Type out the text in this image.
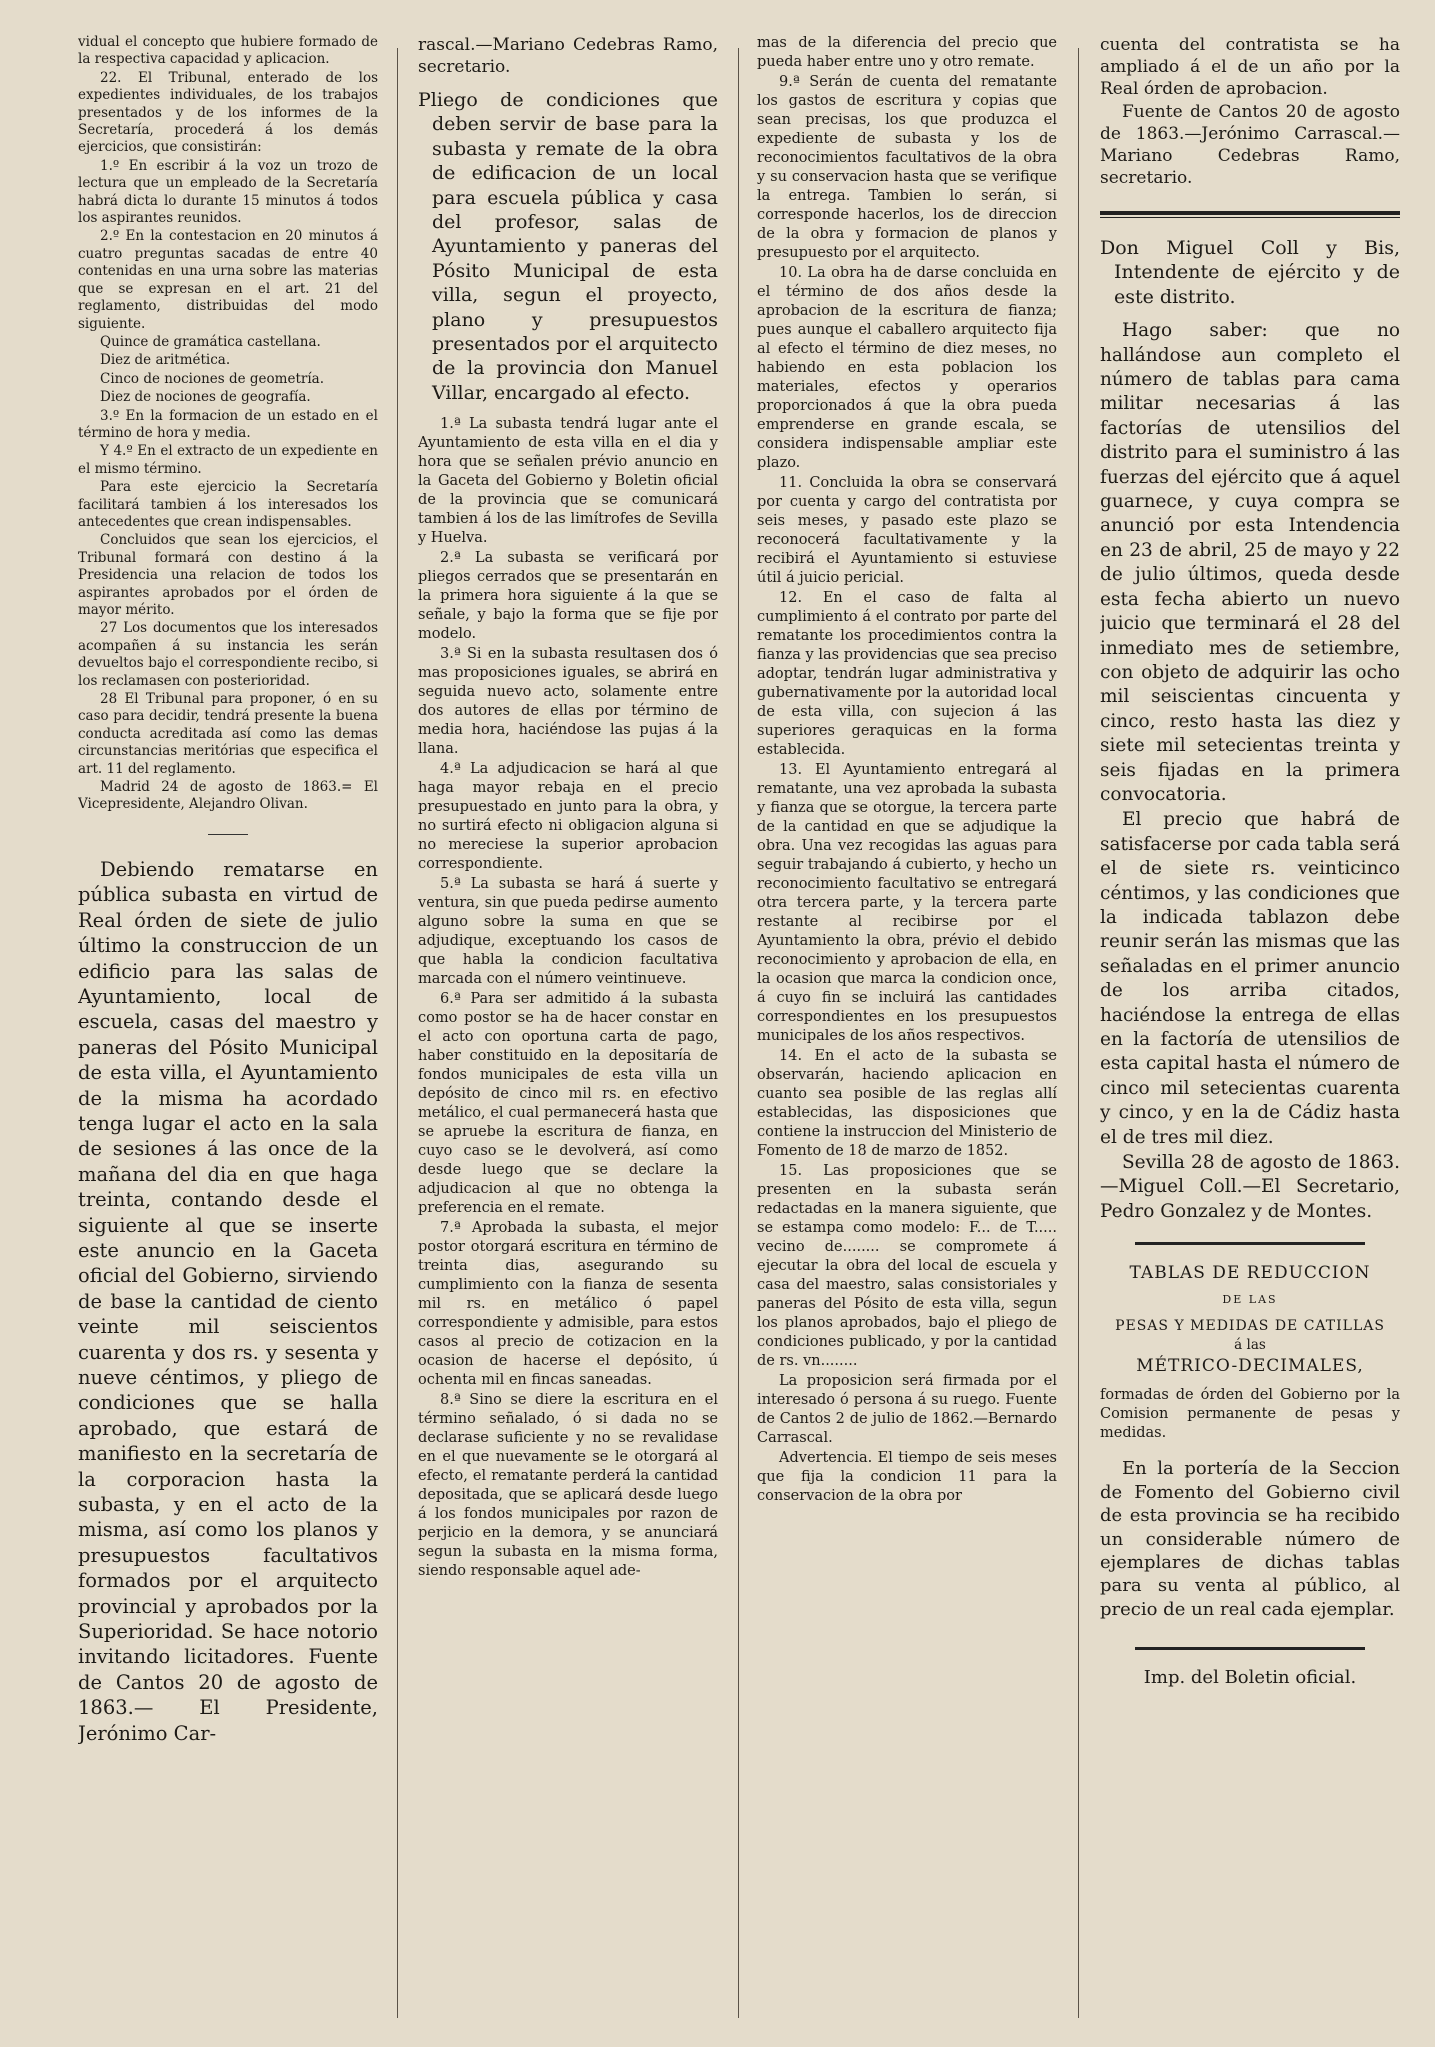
vidual el concepto que hubiere formado de la respectiva capacidad y aplicacion.

22. El Tribunal, enterado de los expedientes individuales, de los trabajos presentados y de los informes de la Secretaría, procederá á los demás ejercicios, que consistirán:

1.º En escribir á la voz un trozo de lectura que un empleado de la Secretaría habrá dicta lo durante 15 minutos á todos los aspirantes reunidos.

2.º En la contestacion en 20 minutos á cuatro preguntas sacadas de entre 40 contenidas en una urna sobre las materias que se expresan en el art. 21 del reglamento, distribuidas del modo siguiente.

Quince de gramática castellana.

Diez de aritmética.

Cinco de nociones de geometría.

Diez de nociones de geografía.

3.º En la formacion de un estado en el término de hora y media.

Y 4.º En el extracto de un expediente en el mismo término.

Para este ejercicio la Secretaría facilitará tambien á los interesados los antecedentes que crean indispensables.

Concluidos que sean los ejercicios, el Tribunal formará con destino á la Presidencia una relacion de todos los aspirantes aprobados por el órden de mayor mérito.

27 Los documentos que los interesados acompañen á su instancia les serán devueltos bajo el correspondiente recibo, si los reclamasen con posterioridad.

28 El Tribunal para proponer, ó en su caso para decidir, tendrá presente la buena conducta acreditada así como las demas circunstancias meritórias que especifica el art. 11 del reglamento.

Madrid 24 de agosto de 1863.= El Vicepresidente, Alejandro Olivan.

Debiendo rematarse en pública subasta en virtud de Real órden de siete de julio último la construccion de un edificio para las salas de Ayuntamiento, local de escuela, casas del maestro y paneras del Pósito Municipal de esta villa, el Ayuntamiento de la misma ha acordado tenga lugar el acto en la sala de sesiones á las once de la mañana del dia en que haga treinta, contando desde el siguiente al que se inserte este anuncio en la Gaceta oficial del Gobierno, sirviendo de base la cantidad de ciento veinte mil seiscientos cuarenta y dos rs. y sesenta y nueve céntimos, y pliego de condiciones que se halla aprobado, que estará de manifiesto en la secretaría de la corporacion hasta la subasta, y en el acto de la misma, así como los planos y presupuestos facultativos formados por el arquitecto provincial y aprobados por la Superioridad. Se hace notorio invitando licitadores. Fuente de Cantos 20 de agosto de 1863.— El Presidente, Jerónimo Car-

rascal.—Mariano Cedebras Ramo, secretario.

Pliego de condiciones que deben servir de base para la subasta y remate de la obra de edificacion de un local para escuela pública y casa del profesor, salas de Ayuntamiento y paneras del Pósito Municipal de esta villa, segun el proyecto, plano y presupuestos presentados por el arquitecto de la provincia don Manuel Villar, encargado al efecto.

1.ª La subasta tendrá lugar ante el Ayuntamiento de esta villa en el dia y hora que se señalen prévio anuncio en la Gaceta del Gobierno y Boletin oficial de la provincia que se comunicará tambien á los de las limítrofes de Sevilla y Huelva.

2.ª La subasta se verificará por pliegos cerrados que se presentarán en la primera hora siguiente á la que se señale, y bajo la forma que se fije por modelo.

3.ª Si en la subasta resultasen dos ó mas proposiciones iguales, se abrirá en seguida nuevo acto, solamente entre dos autores de ellas por término de media hora, haciéndose las pujas á la llana.

4.ª La adjudicacion se hará al que haga mayor rebaja en el precio presupuestado en junto para la obra, y no surtirá efecto ni obligacion alguna si no mereciese la superior aprobacion correspondiente.

5.ª La subasta se hará á suerte y ventura, sin que pueda pedirse aumento alguno sobre la suma en que se adjudique, exceptuando los casos de que habla la condicion facultativa marcada con el número veintinueve.

6.ª Para ser admitido á la subasta como postor se ha de hacer constar en el acto con oportuna carta de pago, haber constituido en la depositaría de fondos municipales de esta villa un depósito de cinco mil rs. en efectivo metálico, el cual permanecerá hasta que se apruebe la escritura de fianza, en cuyo caso se le devolverá, así como desde luego que se declare la adjudicacion al que no obtenga la preferencia en el remate.

7.ª Aprobada la subasta, el mejor postor otorgará escritura en término de treinta dias, asegurando su cumplimiento con la fianza de sesenta mil rs. en metálico ó papel correspondiente y admisible, para estos casos al precio de cotizacion en la ocasion de hacerse el depósito, ú ochenta mil en fincas saneadas.

8.ª Sino se diere la escritura en el término señalado, ó si dada no se declarase suficiente y no se revalidase en el que nuevamente se le otorgará al efecto, el rematante perderá la cantidad depositada, que se aplicará desde luego á los fondos municipales por razon de perjicio en la demora, y se anunciará segun la subasta en la misma forma, siendo responsable aquel ade-

mas de la diferencia del precio que pueda haber entre uno y otro remate.

9.ª Serán de cuenta del rematante los gastos de escritura y copias que sean precisas, los que produzca el expediente de subasta y los de reconocimientos facultativos de la obra y su conservacion hasta que se verifique la entrega. Tambien lo serán, si corresponde hacerlos, los de direccion de la obra y formacion de planos y presupuesto por el arquitecto.

10. La obra ha de darse concluida en el término de dos años desde la aprobacion de la escritura de fianza; pues aunque el caballero arquitecto fija al efecto el término de diez meses, no habiendo en esta poblacion los materiales, efectos y operarios proporcionados á que la obra pueda emprenderse en grande escala, se considera indispensable ampliar este plazo.

11. Concluida la obra se conservará por cuenta y cargo del contratista por seis meses, y pasado este plazo se reconocerá facultativamente y la recibirá el Ayuntamiento si estuviese útil á juicio pericial.

12. En el caso de falta al cumplimiento á el contrato por parte del rematante los procedimientos contra la fianza y las providencias que sea preciso adoptar, tendrán lugar administrativa y gubernativamente por la autoridad local de esta villa, con sujecion á las superiores geraquicas en la forma establecida.

13. El Ayuntamiento entregará al rematante, una vez aprobada la subasta y fianza que se otorgue, la tercera parte de la cantidad en que se adjudique la obra. Una vez recogidas las aguas para seguir trabajando á cubierto, y hecho un reconocimiento facultativo se entregará otra tercera parte, y la tercera parte restante al recibirse por el Ayuntamiento la obra, prévio el debido reconocimiento y aprobacion de ella, en la ocasion que marca la condicion once, á cuyo fin se incluirá las cantidades correspondientes en los presupuestos municipales de los años respectivos.

14. En el acto de la subasta se observarán, haciendo aplicacion en cuanto sea posible de las reglas allí establecidas, las disposiciones que contiene la instruccion del Ministerio de Fomento de 18 de marzo de 1852.

15. Las proposiciones que se presenten en la subasta serán redactadas en la manera siguiente, que se estampa como modelo: F... de T..... vecino de........ se compromete á ejecutar la obra del local de escuela y casa del maestro, salas consistoriales y paneras del Pósito de esta villa, segun los planos aprobados, bajo el pliego de condiciones publicado, y por la cantidad de rs. vn........

La proposicion será firmada por el interesado ó persona á su ruego. Fuente de Cantos 2 de julio de 1862.—Bernardo Carrascal.

Advertencia. El tiempo de seis meses que fija la condicion 11 para la conservacion de la obra por

cuenta del contratista se ha ampliado á el de un año por la Real órden de aprobacion.

Fuente de Cantos 20 de agosto de 1863.—Jerónimo Carrascal.— Mariano Cedebras Ramo, secretario.

Don Miguel Coll y Bis, Intendente de ejército y de este distrito.

Hago saber: que no hallándose aun completo el número de tablas para cama militar necesarias á las factorías de utensilios del distrito para el suministro á las fuerzas del ejército que á aquel guarnece, y cuya compra se anunció por esta Intendencia en 23 de abril, 25 de mayo y 22 de julio últimos, queda desde esta fecha abierto un nuevo juicio que terminará el 28 del inmediato mes de setiembre, con objeto de adquirir las ocho mil seiscientas cincuenta y cinco, resto hasta las diez y siete mil setecientas treinta y seis fijadas en la primera convocatoria.

El precio que habrá de satisfacerse por cada tabla será el de siete rs. veinticinco céntimos, y las condiciones que la indicada tablazon debe reunir serán las mismas que las señaladas en el primer anuncio de los arriba citados, haciéndose la entrega de ellas en la factoría de utensilios de esta capital hasta el número de cinco mil setecientas cuarenta y cinco, y en la de Cádiz hasta el de tres mil diez.

Sevilla 28 de agosto de 1863.—Miguel Coll.—El Secretario, Pedro Gonzalez y de Montes.

TABLAS DE REDUCCION

DE LAS

PESAS Y MEDIDAS DE CATILLAS

á las

MÉTRICO-DECIMALES,

formadas de órden del Gobierno por la Comision permanente de pesas y medidas.

En la portería de la Seccion de Fomento del Gobierno civil de esta provincia se ha recibido un considerable número de ejemplares de dichas tablas para su venta al público, al precio de un real cada ejemplar.

Imp. del Boletin oficial.
